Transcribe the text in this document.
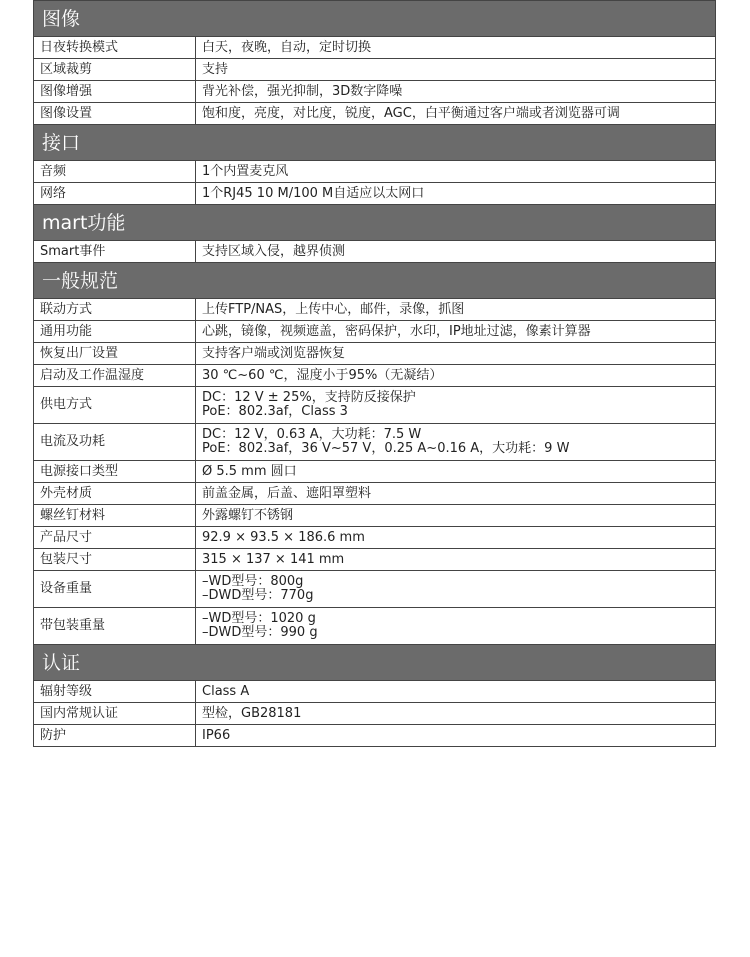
图像	
日夜转换模式	白天，夜晚，自动，定时切换
区域裁剪	支持
图像增强	背光补偿，强光抑制，3D数字降噪
图像设置	饱和度，亮度，对比度，锐度，AGC，白平衡通过客户端或者浏览器可调
接口	
音频	1个内置麦克风
网络	1个RJ45 10 M/100 M自适应以太网口
mart功能	
Smart事件	支持区域入侵，越界侦测
一般规范	
联动方式	上传FTP/NAS，上传中心，邮件，录像，抓图
通用功能	心跳，镜像，视频遮盖，密码保护，水印，IP地址过滤，像素计算器
恢复出厂设置	支持客户端或浏览器恢复
启动及工作温湿度	30 ℃~60 ℃，湿度小于95%（无凝结）
供电方式	DC：12 V ± 25%，支持防反接保护
PoE：802.3af，Class 3

电流及功耗	DC：12 V，0.63 A，大功耗：7.5 W
PoE：802.3af，36 V~57 V，0.25 A~0.16 A，大功耗：9 W

电源接口类型	Ø 5.5 mm 圆口
外壳材质	前盖金属，后盖、遮阳罩塑料
螺丝钉材料	外露螺钉不锈钢
产品尺寸	92.9 × 93.5 × 186.6 mm
包装尺寸	315 × 137 × 141 mm
设备重量	–WD型号：800g
–DWD型号：770g

带包装重量	–WD型号：1020 g
–DWD型号：990 g

认证	
辐射等级	Class A
国内常规认证	型检，GB28181
防护	IP66
